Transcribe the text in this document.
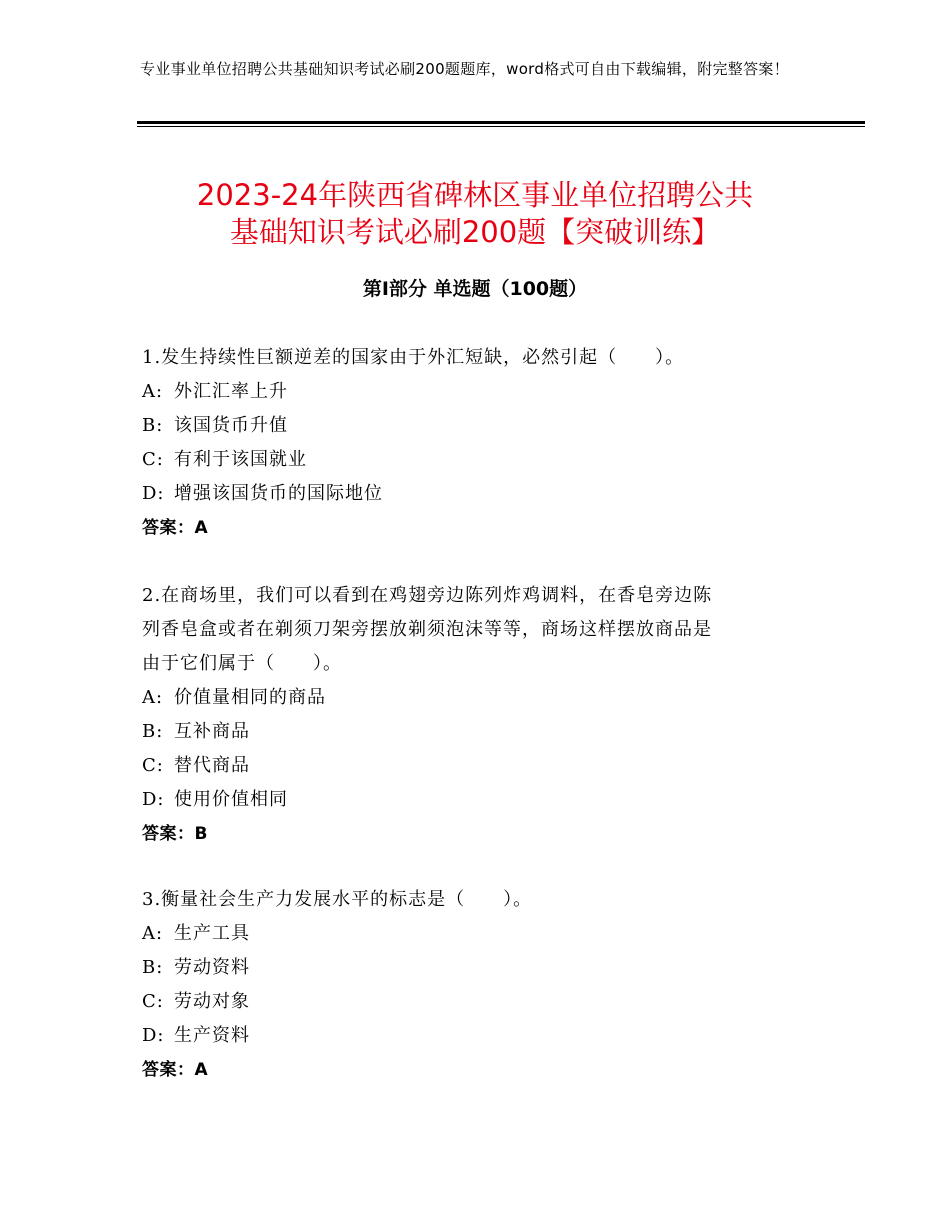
专业事业单位招聘公共基础知识考试必刷200题题库，word格式可自由下载编辑，附完整答案！
2023-24年陕西省碑林区事业单位招聘公共
基础知识考试必刷200题【突破训练】
第Ⅰ部分 单选题（100题）
1.发生持续性巨额逆差的国家由于外汇短缺，必然引起（　　）。
A: 外汇汇率上升
B: 该国货币升值
C: 有利于该国就业
D: 增强该国货币的国际地位
答案：A
2.在商场里，我们可以看到在鸡翅旁边陈列炸鸡调料，在香皂旁边陈
列香皂盒或者在剃须刀架旁摆放剃须泡沫等等，商场这样摆放商品是
由于它们属于（　　）。
A: 价值量相同的商品
B: 互补商品
C: 替代商品
D: 使用价值相同
答案：B
3.衡量社会生产力发展水平的标志是（　　）。
A: 生产工具
B: 劳动资料
C: 劳动对象
D: 生产资料
答案：A
